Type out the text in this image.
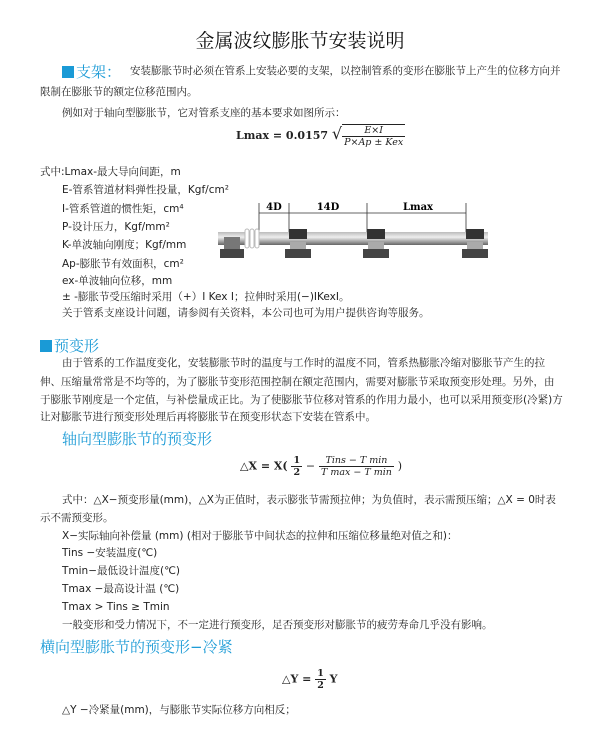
金属波纹膨胀节安装说明
支架： 安装膨胀节时必须在管系上安装必要的支架，以控制管系的变形在膨胀节上产生的位移方向并
限制在膨胀节的额定位移范围内。
例如对于轴向型膨胀节，它对管系支座的基本要求如图所示：
Lmax = 0.0157 √ $\frac{E\times I}{\text{P×Ap ± Kex}}$
式中:Lmax-最大导向间距，m
E-管系管道材料弹性投量，Kgf/cm²
I-管系管道的惯性矩，cm⁴
P-设计压力，Kgf/mm²
K-单波轴向刚度；Kgf/mm
Ap-膨胀节有效面积，cm²
ex-单波轴向位移，mm
± -膨胀节受压缩时采用（+）I Kex I；拉伸时采用(−)IKexI。
关于管系支座设计问题，请参阅有关资料，本公司也可为用户提供咨询等服务。
4D	14D	Lmax
预变形
由于管系的工作温度变化，安装膨胀节时的温度与工作时的温度不同，管系热膨胀冷缩对膨胀节产生的拉
伸、压缩量常常是不均等的，为了膨胀节变形范围控制在额定范围内，需要对膨胀节采取预变形处理。另外，由
于膨胀节刚度是一个定值，与补偿量成正比。为了使膨胀节位移对管系的作用力最小，也可以采用预变形(冷紧)方
让对膨胀节进行预变形处理后再将膨胀节在预变形状态下安装在管系中。
轴向型膨胀节的预变形
△X = $X( \frac{1}{2} - \frac{\text{Tins − T min}}{\text{T max − T min}}$ )
式中：△X−预变形量(mm)，△X为正值时，表示膨张节需预拉伸；为负值时，表示需预压缩；△X = 0时表
示不需预变形。
X−实际轴向补偿量 (mm) (相对于膨胀节中间状态的拉伸和压缩位移量绝对值之和)：
Tins −安装温度(℃)
Tmin−最低设计温度(℃)
Tmax −最高设计温 (℃)
Tmax > Tins ≥ Tmin
一般变形和受力情况下，不一定进行预变形，足否预变形对膨胀节的疲劳寿命几乎没有影响。
横向型膨胀节的预变形−冷紧
△Y = $\frac{1}{2}$ Y
△Y −冷紧量(mm)，与膨胀节实际位移方向相反；
